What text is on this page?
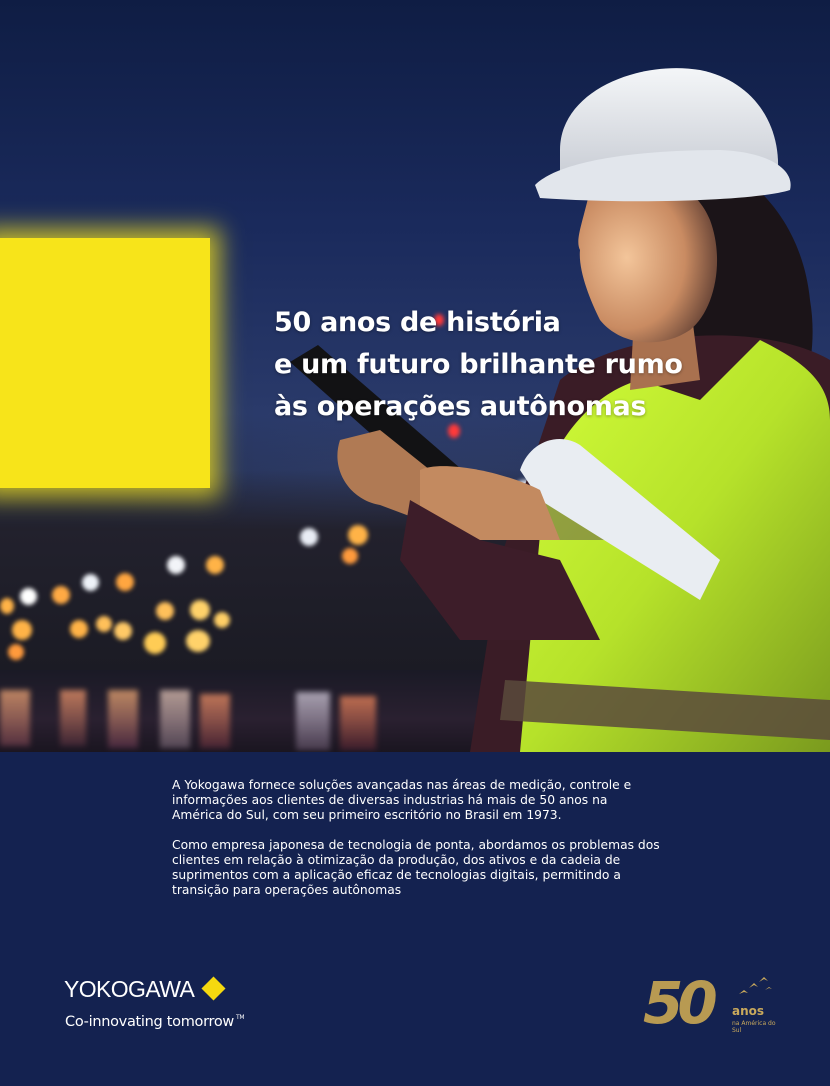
50 anos de história
e um futuro brilhante rumo
às operações autônomas

A Yokogawa fornece soluções avançadas nas áreas de medição, controle e informações aos clientes de diversas industrias há mais de 50 anos na América do Sul, com seu primeiro escritório no Brasil em 1973.

Como empresa japonesa de tecnologia de ponta, abordamos os problemas dos clientes em relação à otimização da produção, dos ativos e da cadeia de suprimentos com a aplicação eficaz de tecnologias digitais, permitindo a transição para operações autônomas

YOKOGAWA
Co-innovating tomorrow ™	50 anos
na América do Sul
